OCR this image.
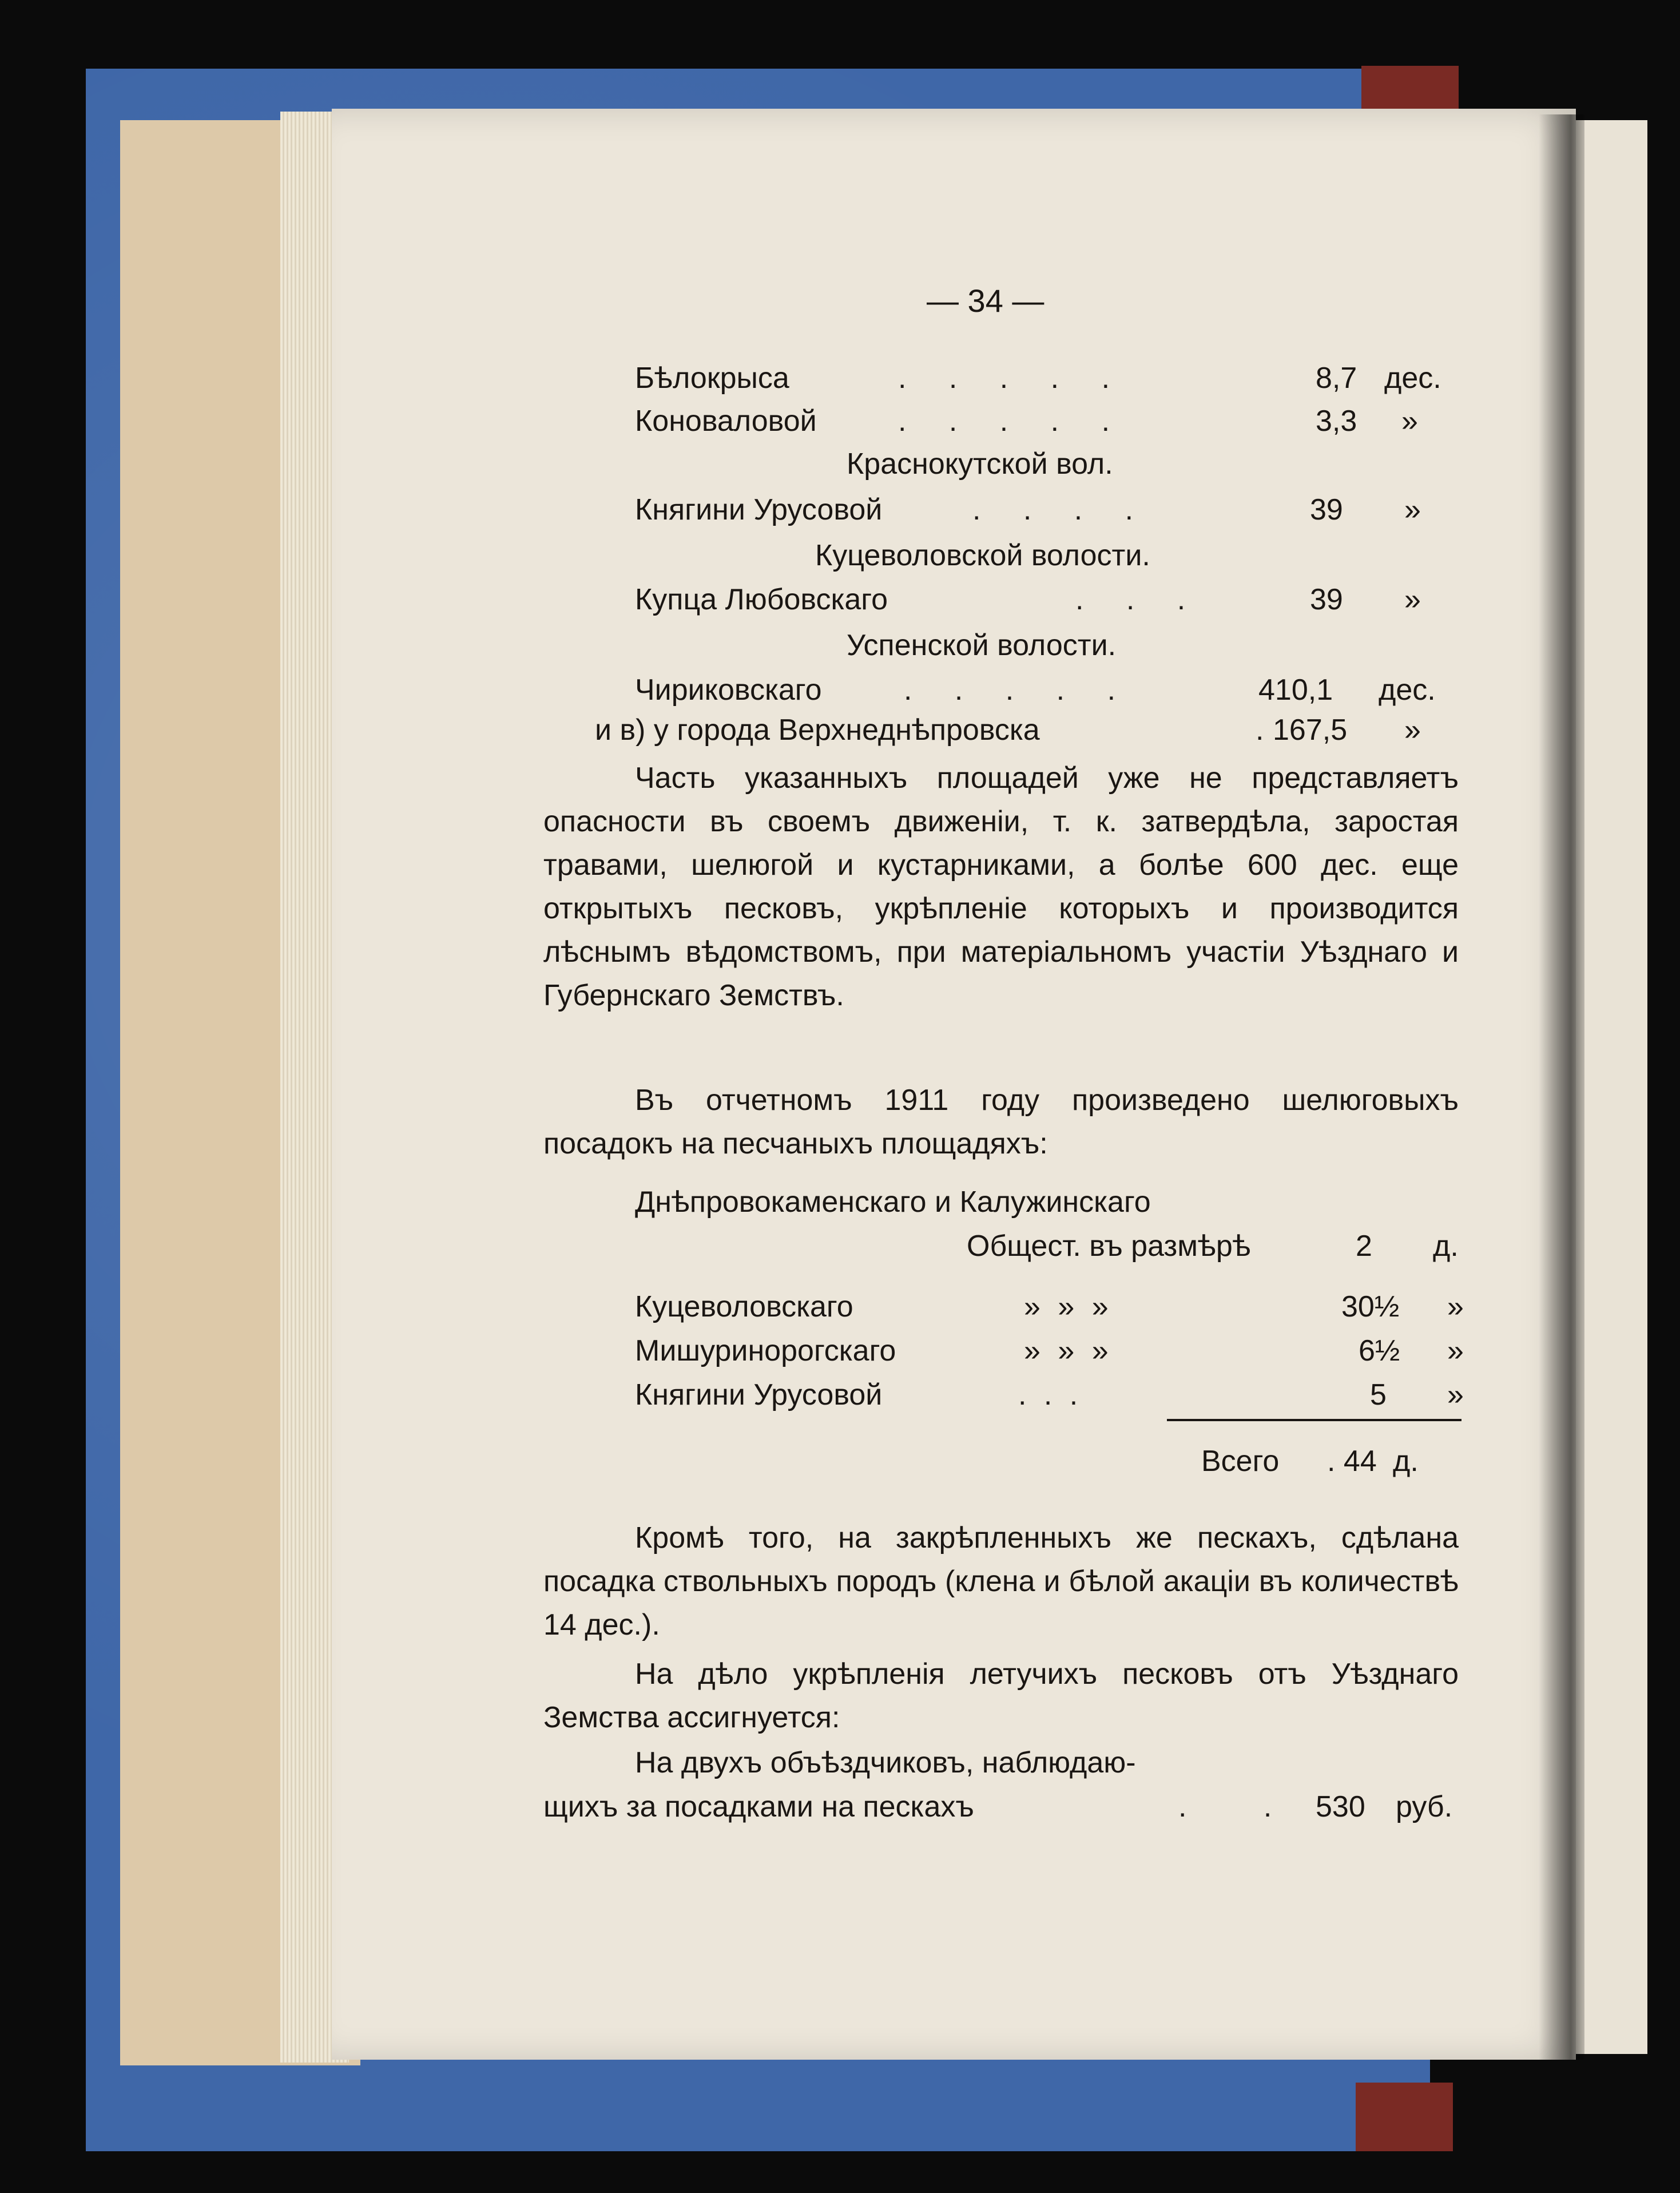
— 34 —
Бѣлокрыса	. . . . .	8,7 дес.
Коноваловой	. . . . .	3,3 »
Краснокутской вол.
Княгини Урусовой	. . . .	39 »
Куцеволовской волости.
Купца Любовскаго	. . .	39 »
Успенской волости.
Чириковскаго	. . . . .	410,1 дес.
и в) у города Верхнеднѣпровска	. 167,5 »
Часть указанныхъ площадей уже не представляетъ опасности въ своемъ движенiи, т. к. затвердѣла, заростая травами, шелюгой и кустарниками, а болѣе 600 дес. еще открытыхъ песковъ, укрѣпленiе которыхъ и производится лѣснымъ вѣдомствомъ, при матерiальномъ участiи Уѣзднаго и Губернскаго Земствъ.
Въ отчетномъ 1911 году произведено шелюговыхъ посадокъ на песчаныхъ площадяхъ:
Днѣпровокаменскаго и Калужинскаго
Общест. въ размѣрѣ	2 д.
Куцеволовскаго	» » »	30½ »
Мишуринорогскаго	» » »	6½ »
Княгини Урусовой	. . .	5 »
Всего . 44 д.
Кромѣ того, на закрѣпленныхъ же пескахъ, сдѣлана посадка ствольныхъ породъ (клена и бѣлой акацiи въ количествѣ 14 дес.).
На дѣло укрѣпленiя летучихъ песковъ отъ Уѣзднаго Земства ассигнуется:
На двухъ объѣздчиковъ, наблюдаю-
щихъ за посадками на пескахъ	. . 530 руб.
